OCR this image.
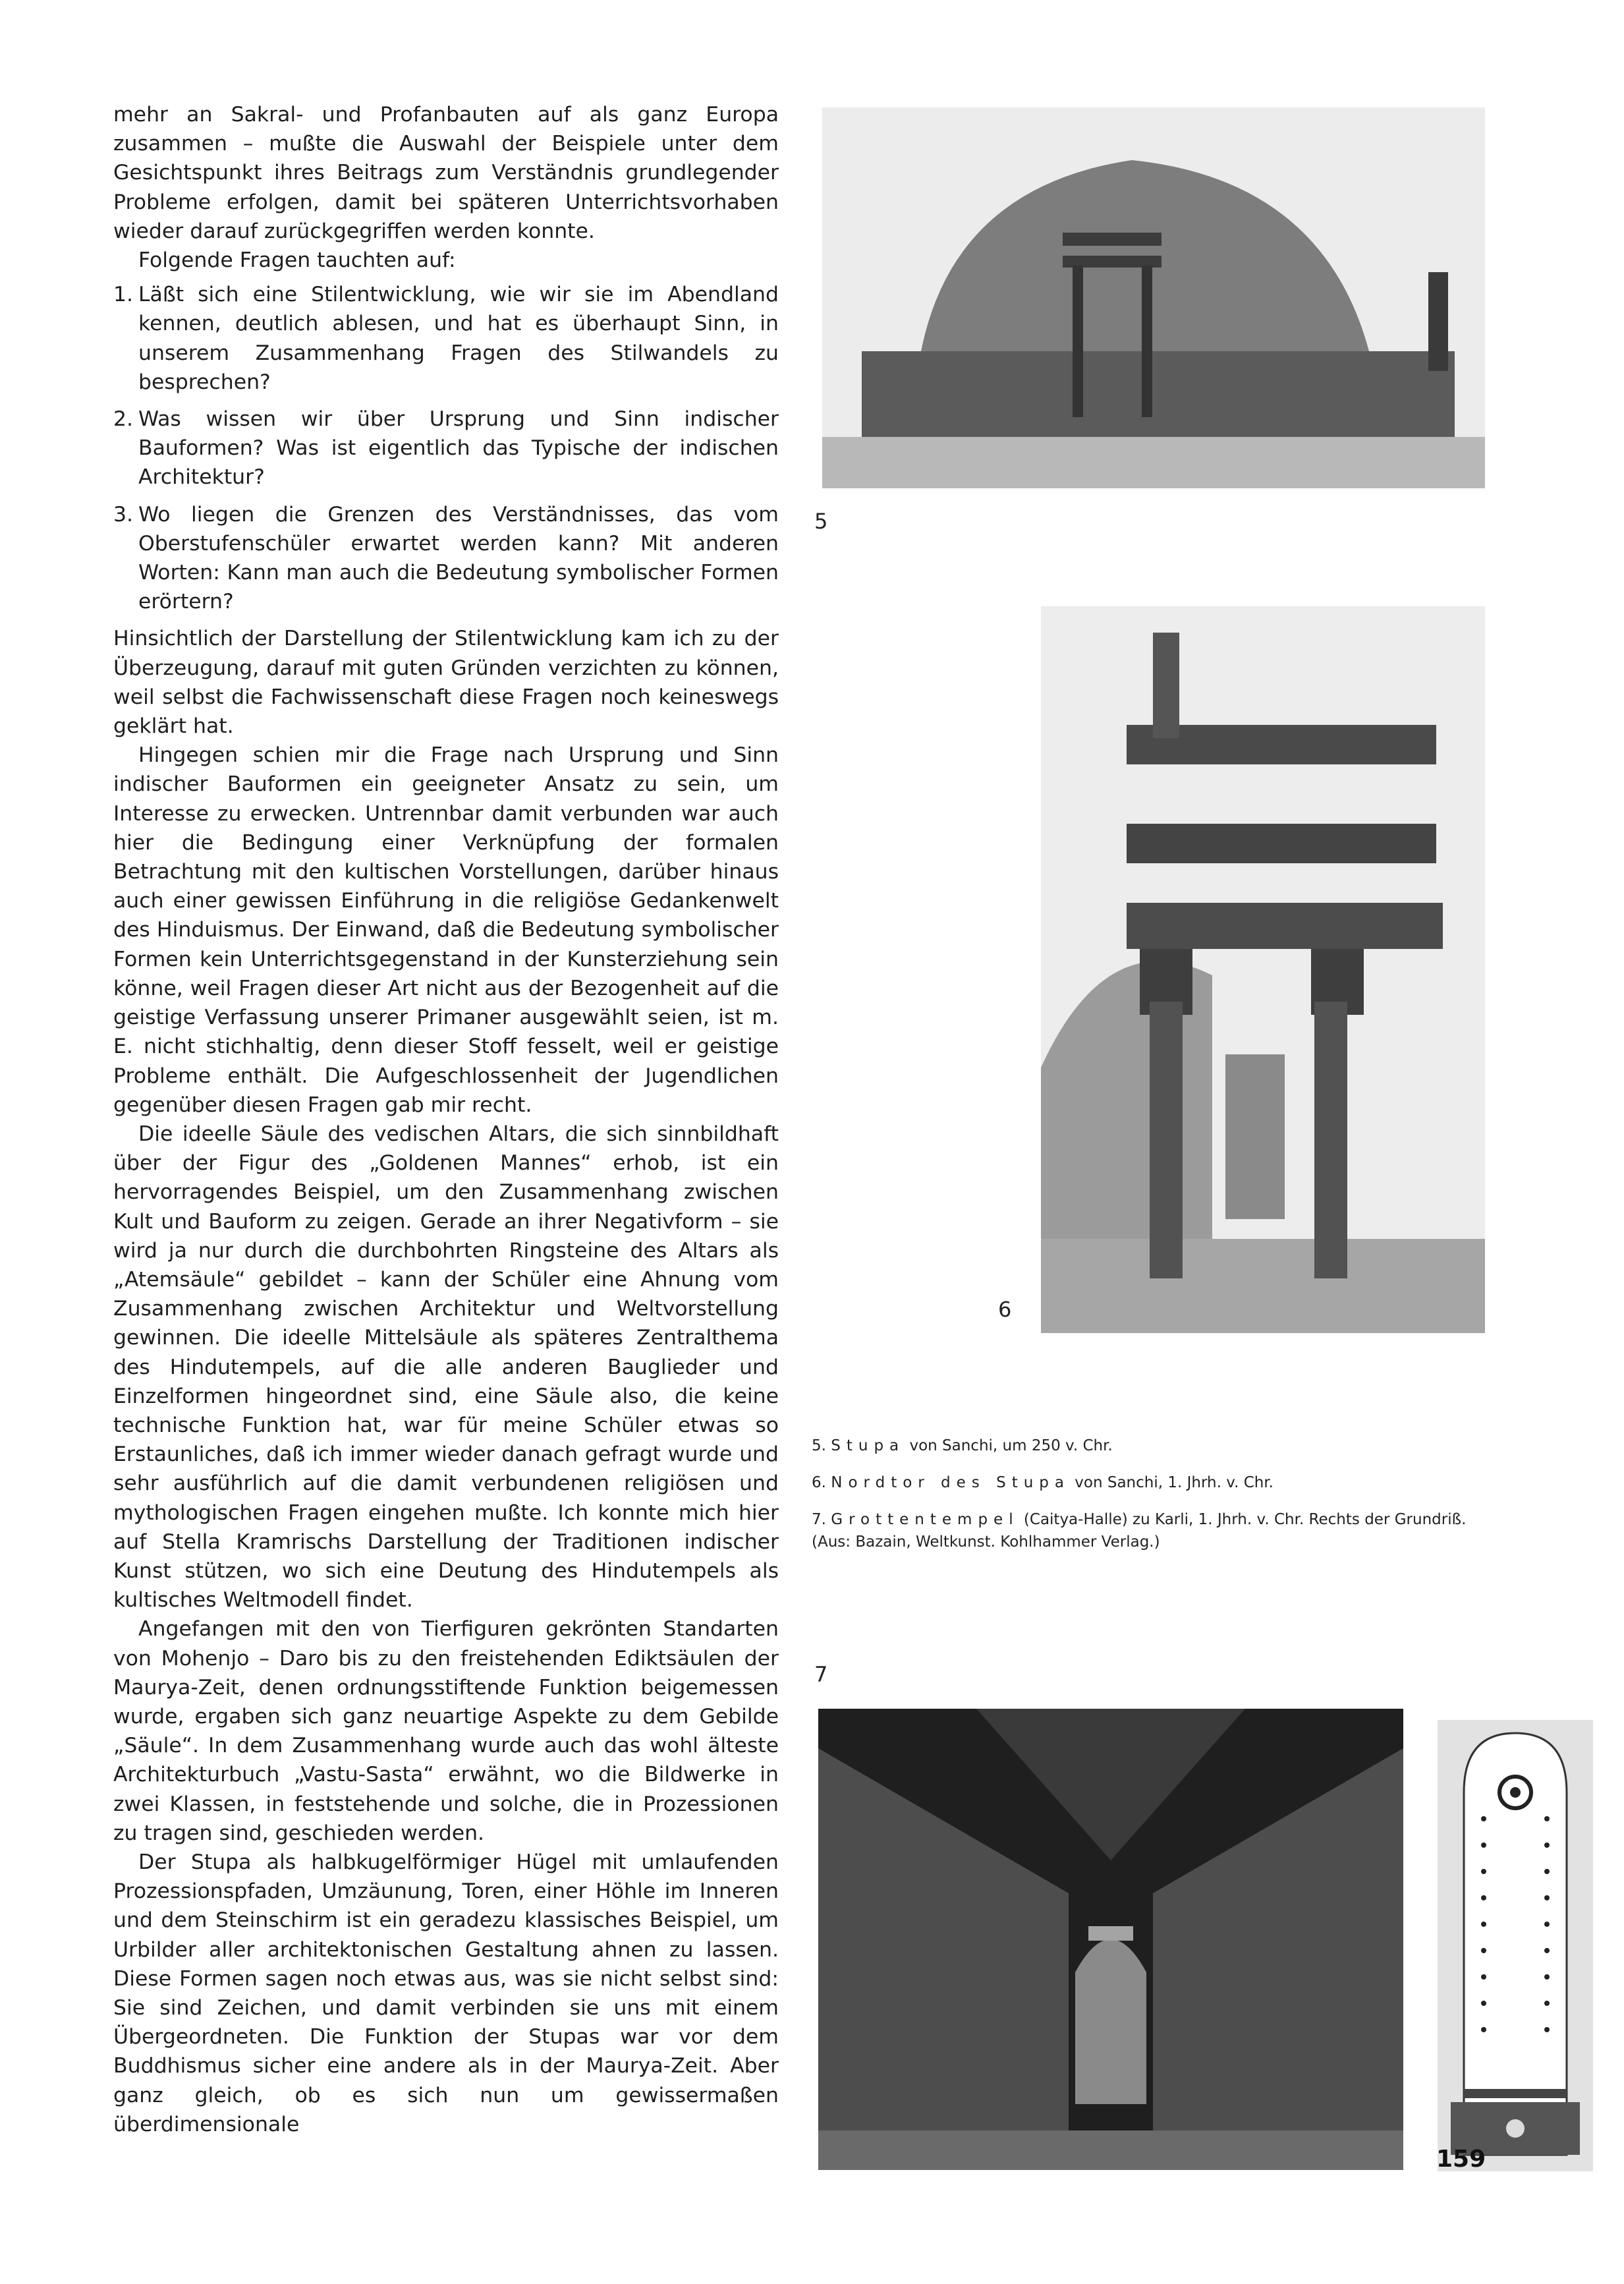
mehr an Sakral- und Profanbauten auf als ganz Europa zusammen – mußte die Auswahl der Beispiele unter dem Gesichtspunkt ihres Beitrags zum Verständnis grundlegender Probleme erfolgen, damit bei späteren Unterrichtsvorhaben wieder darauf zurückgegriffen werden konnte.

Folgende Fragen tauchten auf:

1. Läßt sich eine Stilentwicklung, wie wir sie im Abendland kennen, deutlich ablesen, und hat es überhaupt Sinn, in unserem Zusammenhang Fragen des Stilwandels zu besprechen?
2. Was wissen wir über Ursprung und Sinn indischer Bauformen? Was ist eigentlich das Typische der indischen Architektur?
3. Wo liegen die Grenzen des Verständnisses, das vom Oberstufenschüler erwartet werden kann? Mit anderen Worten: Kann man auch die Bedeutung symbolischer Formen erörtern?

Hinsichtlich der Darstellung der Stilentwicklung kam ich zu der Überzeugung, darauf mit guten Gründen verzichten zu können, weil selbst die Fachwissenschaft diese Fragen noch keineswegs geklärt hat.

Hingegen schien mir die Frage nach Ursprung und Sinn indischer Bauformen ein geeigneter Ansatz zu sein, um Interesse zu erwecken. Untrennbar damit verbunden war auch hier die Bedingung einer Verknüpfung der formalen Betrachtung mit den kultischen Vorstellungen, darüber hinaus auch einer gewissen Einführung in die religiöse Gedankenwelt des Hinduismus. Der Einwand, daß die Bedeutung symbolischer Formen kein Unterrichtsgegenstand in der Kunsterziehung sein könne, weil Fragen dieser Art nicht aus der Bezogenheit auf die geistige Verfassung unserer Primaner ausgewählt seien, ist m. E. nicht stichhaltig, denn dieser Stoff fesselt, weil er geistige Probleme enthält. Die Aufgeschlossenheit der Jugendlichen gegenüber diesen Fragen gab mir recht.

Die ideelle Säule des vedischen Altars, die sich sinnbildhaft über der Figur des „Goldenen Mannes“ erhob, ist ein hervorragendes Beispiel, um den Zusammenhang zwischen Kult und Bauform zu zeigen. Gerade an ihrer Negativform – sie wird ja nur durch die durchbohrten Ringsteine des Altars als „Atemsäule“ gebildet – kann der Schüler eine Ahnung vom Zusammenhang zwischen Architektur und Weltvorstellung gewinnen. Die ideelle Mittelsäule als späteres Zentralthema des Hindutempels, auf die alle anderen Bauglieder und Einzelformen hingeordnet sind, eine Säule also, die keine technische Funktion hat, war für meine Schüler etwas so Erstaunliches, daß ich immer wieder danach gefragt wurde und sehr ausführlich auf die damit verbundenen religiösen und mythologischen Fragen eingehen mußte. Ich konnte mich hier auf Stella Kramrischs Darstellung der Traditionen indischer Kunst stützen, wo sich eine Deutung des Hindutempels als kultisches Weltmodell findet.

Angefangen mit den von Tierfiguren gekrönten Standarten von Mohenjo – Daro bis zu den freistehenden Ediktsäulen der Maurya-Zeit, denen ordnungsstiftende Funktion beigemessen wurde, ergaben sich ganz neuartige Aspekte zu dem Gebilde „Säule“. In dem Zusammenhang wurde auch das wohl älteste Architekturbuch „Vastu-Sasta“ erwähnt, wo die Bildwerke in zwei Klassen, in feststehende und solche, die in Prozessionen zu tragen sind, geschieden werden.

Der Stupa als halbkugelförmiger Hügel mit umlaufenden Prozessionspfaden, Umzäunung, Toren, einer Höhle im Inneren und dem Steinschirm ist ein geradezu klassisches Beispiel, um Urbilder aller architektonischen Gestaltung ahnen zu lassen. Diese Formen sagen noch etwas aus, was sie nicht selbst sind: Sie sind Zeichen, und damit verbinden sie uns mit einem Übergeordneten. Die Funktion der Stupas war vor dem Buddhismus sicher eine andere als in der Maurya-Zeit. Aber ganz gleich, ob es sich nun um gewissermaßen überdimensionale

5
6

5. Stupa von Sanchi, um 250 v. Chr.

6. Nordtor des Stupa von Sanchi, 1. Jhrh. v. Chr.

7. Grottentempel (Caitya-Halle) zu Karli, 1. Jhrh. v. Chr. Rechts der Grundriß. (Aus: Bazain, Weltkunst. Kohlhammer Verlag.)

7
159
